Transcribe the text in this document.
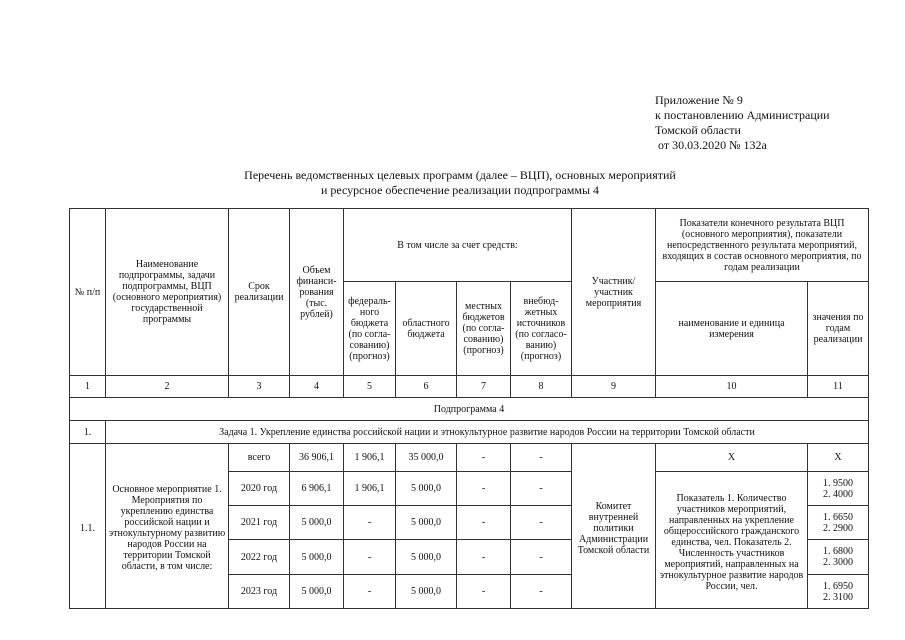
Приложение № 9
к постановлению Администрации
Томской области
от 30.03.2020 № 132а
Перечень ведомственных целевых программ (далее – ВЦП), основных мероприятий
и ресурсное обеспечение реализации подпрограммы 4
№ п/п	Наименование подпрограммы, задачи подпрограммы, ВЦП (основного мероприятия) государственной программы	Срок реализации	Объем финанси-рования (тыс. рублей)	В том числе за счет средств:				Участник/ участник мероприятия	Показатели конечного результата ВЦП (основного мероприятия), показатели непосредственного результата мероприятий, входящих в состав основного мероприятия, по годам реализации	
				федераль-ного бюджета (по согла-сованию) (прогноз)	областного бюджета	местных бюджетов (по согла-сованию) (прогноз)	внебюд-жетных источников (по согласо-ванию) (прогноз)		наименование и единица измерения	значения по годам реализации
1	2	3	4	5	6	7	8	9	10	11
Подпрограмма 4										
1.	Задача 1. Укрепление единства российской нации и этнокультурное развитие народов России на территории Томской области									
1.1.	Основное мероприятие 1. Мероприятия по укреплению единства российской нации и этнокультурному развитию народов России на территории Томской области, в том числе:	всего	36 906,1	1 906,1	35 000,0	-	-	Комитет внутренней политики Администрации Томской области	Х	Х
		2020 год	6 906,1	1 906,1	5 000,0	-	-		Показатель 1. Количество участников мероприятий, направленных на укрепление общероссийского гражданского единства, чел. Показатель 2. Численность участников мероприятий, направленных на этнокультурное развитие народов России, чел.	1. 9500
2. 4000

		2021 год	5 000,0	-	5 000,0	-	-			1. 6650
2. 2900

		2022 год	5 000,0	-	5 000,0	-	-			1. 6800
2. 3000

		2023 год	5 000,0	-	5 000,0	-	-			1. 6950
2. 3100
